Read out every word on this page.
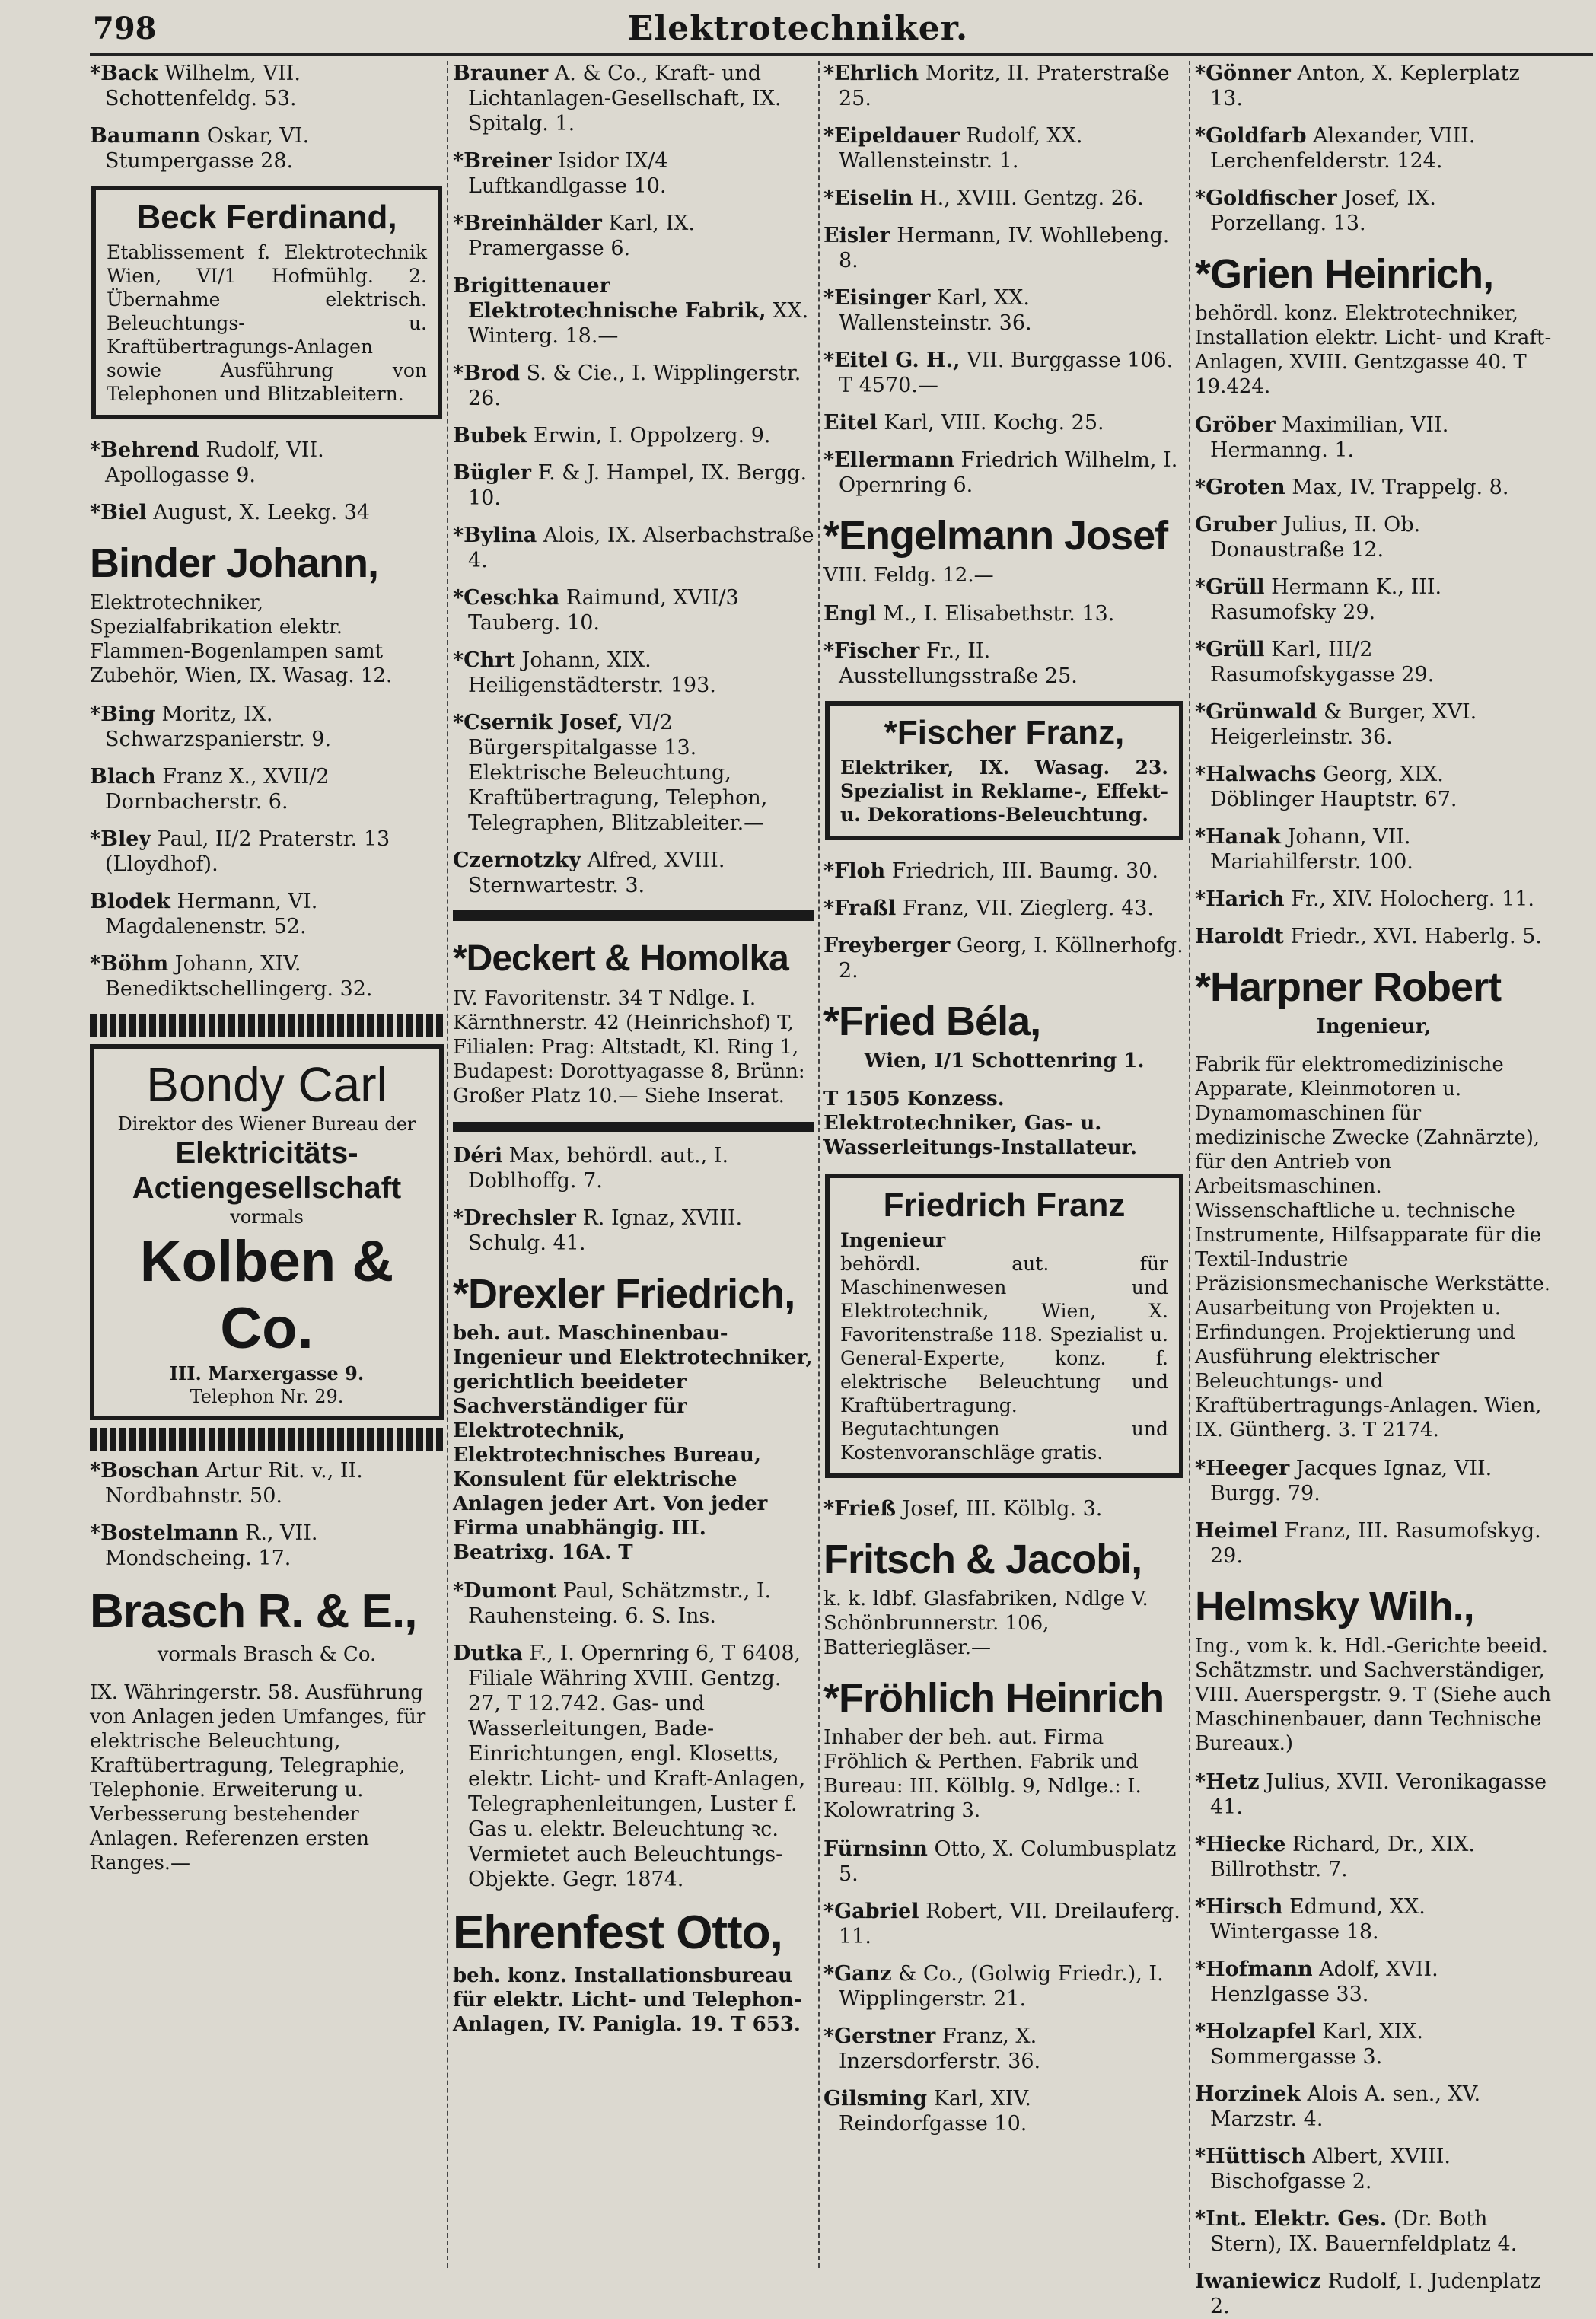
798	Elektrotechniker.

*Back Wilhelm, VII. Schottenfeldg. 53.

Baumann Oskar, VI. Stumpergasse 28.

Beck Ferdinand,
Etablissement f. Elektrotechnik Wien, VI/1 Hofmühlg. 2. Übernahme elektrisch. Beleuchtungs- u. Kraftübertragungs-Anlagen sowie Ausführung von Telephonen und Blitzableitern.

*Behrend Rudolf, VII. Apollogasse 9.

*Biel August, X. Leekg. 34

Binder Johann,

Elektrotechniker, Spezialfabrikation elektr. Flammen-Bogenlampen samt Zubehör, Wien, IX. Wasag. 12.

*Bing Moritz, IX. Schwarzspanierstr. 9.

Blach Franz X., XVII/2 Dornbacherstr. 6.

*Bley Paul, II/2 Praterstr. 13 (Lloydhof).

Blodek Hermann, VI. Magdalenenstr. 52.

*Böhm Johann, XIV. Benediktschellingerg. 32.

Bondy Carl
Direktor des Wiener Bureau der
Elektricitäts-
Actiengesellschaft
vormals
Kolben & Co.
III. Marxergasse 9.
Telephon Nr. 29.

*Boschan Artur Rit. v., II. Nordbahnstr. 50.

*Bostelmann R., VII. Mondscheing. 17.

Brasch R. & E.,

vormals Brasch & Co.

IX. Währingerstr. 58. Ausführung von Anlagen jeden Umfanges, für elektrische Beleuchtung, Kraftübertragung, Telegraphie, Telephonie. Erweiterung u. Verbesserung bestehender Anlagen. Referenzen ersten Ranges.—

Brauner A. & Co., Kraft- und Lichtanlagen-Gesellschaft, IX. Spitalg. 1.

*Breiner Isidor IX/4 Luftkandlgasse 10.

*Breinhälder Karl, IX. Pramergasse 6.

Brigittenauer Elektrotechnische Fabrik, XX. Winterg. 18.—

*Brod S. & Cie., I. Wipplingerstr. 26.

Bubek Erwin, I. Oppolzerg. 9.

Bügler F. & J. Hampel, IX. Bergg. 10.

*Bylina Alois, IX. Alserbachstraße 4.

*Ceschka Raimund, XVII/3 Tauberg. 10.

*Chrt Johann, XIX. Heiligenstädterstr. 193.

*Csernik Josef, VI/2 Bürgerspitalgasse 13. Elektrische Beleuchtung, Kraftübertragung, Telephon, Telegraphen, Blitzableiter.—

Czernotzky Alfred, XVIII. Sternwartestr. 3.

*Deckert & Homolka

IV. Favoritenstr. 34 T Ndlge. I. Kärnthnerstr. 42 (Heinrichshof) T, Filialen: Prag: Altstadt, Kl. Ring 1, Budapest: Dorottyagasse 8, Brünn: Großer Platz 10.— Siehe Inserat.

Déri Max, behördl. aut., I. Doblhoffg. 7.

*Drechsler R. Ignaz, XVIII. Schulg. 41.

*Drexler Friedrich,

beh. aut. Maschinenbau-Ingenieur und Elektrotechniker, gerichtlich beeideter Sachverständiger für Elektrotechnik, Elektrotechnisches Bureau, Konsulent für elektrische Anlagen jeder Art. Von jeder Firma unabhängig. III. Beatrixg. 16A. T

*Dumont Paul, Schätzmstr., I. Rauhensteing. 6. S. Ins.

Dutka F., I. Opernring 6, T 6408, Filiale Währing XVIII. Gentzg. 27, T 12.742. Gas- und Wasserleitungen, Bade-Einrichtungen, engl. Klosetts, elektr. Licht- und Kraft-Anlagen, Telegraphenleitungen, Luster f. Gas u. elektr. Beleuchtung ꝛc. Vermietet auch Beleuchtungs-Objekte. Gegr. 1874.

Ehrenfest Otto,

beh. konz. Installationsbureau für elektr. Licht- und Telephon-Anlagen, IV. Panigla. 19. T 653.

*Ehrlich Moritz, II. Praterstraße 25.

*Eipeldauer Rudolf, XX. Wallensteinstr. 1.

*Eiselin H., XVIII. Gentzg. 26.

Eisler Hermann, IV. Wohllebeng. 8.

*Eisinger Karl, XX. Wallensteinstr. 36.

*Eitel G. H., VII. Burggasse 106. T 4570.—

Eitel Karl, VIII. Kochg. 25.

*Ellermann Friedrich Wilhelm, I. Opernring 6.

*Engelmann Josef

VIII. Feldg. 12.—

Engl M., I. Elisabethstr. 13.

*Fischer Fr., II. Ausstellungsstraße 25.

*Fischer Franz,
Elektriker, IX. Wasag. 23. Spezialist in Reklame-, Effekt- u. Dekorations-Beleuchtung.

*Floh Friedrich, III. Baumg. 30.

*Fraßl Franz, VII. Zieglerg. 43.

Freyberger Georg, I. Köllnerhofg. 2.

*Fried Béla,

Wien, I/1 Schottenring 1.

T 1505 Konzess. Elektrotechniker, Gas- u. Wasserleitungs-Installateur.

Friedrich Franz
Ingenieur
behördl. aut. für Maschinenwesen und Elektrotechnik, Wien, X. Favoritenstraße 118. Spezialist u. General-Experte, konz. f. elektrische Beleuchtung und Kraftübertragung. Begutachtungen und Kostenvoranschläge gratis.

*Frieß Josef, III. Kölblg. 3.

Fritsch & Jacobi,

k. k. ldbf. Glasfabriken, Ndlge V. Schönbrunnerstr. 106, Batteriegläser.—

*Fröhlich Heinrich

Inhaber der beh. aut. Firma Fröhlich & Perthen. Fabrik und Bureau: III. Kölblg. 9, Ndlge.: I. Kolowratring 3.

Fürnsinn Otto, X. Columbusplatz 5.

*Gabriel Robert, VII. Dreilauferg. 11.

*Ganz & Co., (Golwig Friedr.), I. Wipplingerstr. 21.

*Gerstner Franz, X. Inzersdorferstr. 36.

Gilsming Karl, XIV. Reindorfgasse 10.

*Gönner Anton, X. Keplerplatz 13.

*Goldfarb Alexander, VIII. Lerchenfelderstr. 124.

*Goldfischer Josef, IX. Porzellang. 13.

*Grien Heinrich,

behördl. konz. Elektrotechniker, Installation elektr. Licht- und Kraft-Anlagen, XVIII. Gentzgasse 40. T 19.424.

Gröber Maximilian, VII. Hermanng. 1.

*Groten Max, IV. Trappelg. 8.

Gruber Julius, II. Ob. Donaustraße 12.

*Grüll Hermann K., III. Rasumofsky 29.

*Grüll Karl, III/2 Rasumofskygasse 29.

*Grünwald & Burger, XVI. Heigerleinstr. 36.

*Halwachs Georg, XIX. Döblinger Hauptstr. 67.

*Hanak Johann, VII. Mariahilferstr. 100.

*Harich Fr., XIV. Holocherg. 11.

Haroldt Friedr., XVI. Haberlg. 5.

*Harpner Robert

Ingenieur,

Fabrik für elektromedizinische Apparate, Kleinmotoren u. Dynamomaschinen für medizinische Zwecke (Zahnärzte), für den Antrieb von Arbeitsmaschinen. Wissenschaftliche u. technische Instrumente, Hilfsapparate für die Textil-Industrie Präzisionsmechanische Werkstätte. Ausarbeitung von Projekten u. Erfindungen. Projektierung und Ausführung elektrischer Beleuchtungs- und Kraftübertragungs-Anlagen. Wien, IX. Güntherg. 3. T 2174.

*Heeger Jacques Ignaz, VII. Burgg. 79.

Heimel Franz, III. Rasumofskyg. 29.

Helmsky Wilh.,

Ing., vom k. k. Hdl.-Gerichte beeid. Schätzmstr. und Sachverständiger, VIII. Auerspergstr. 9. T (Siehe auch Maschinenbauer, dann Technische Bureaux.)

*Hetz Julius, XVII. Veronikagasse 41.

*Hiecke Richard, Dr., XIX. Billrothstr. 7.

*Hirsch Edmund, XX. Wintergasse 18.

*Hofmann Adolf, XVII. Henzlgasse 33.

*Holzapfel Karl, XIX. Sommergasse 3.

Horzinek Alois A. sen., XV. Marzstr. 4.

*Hüttisch Albert, XVIII. Bischofgasse 2.

*Int. Elektr. Ges. (Dr. Both Stern), IX. Bauernfeldplatz 4.

Iwaniewicz Rudolf, I. Judenplatz 2.
